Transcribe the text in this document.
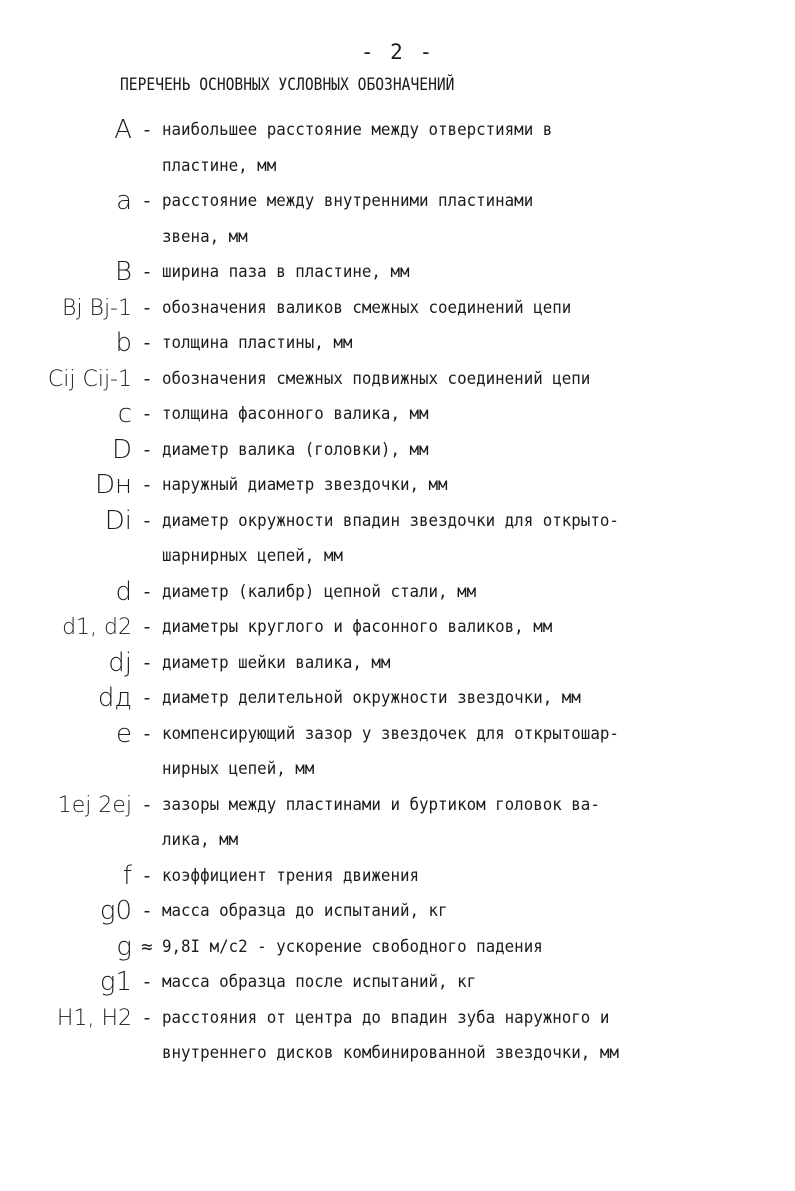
- 2 -
ПЕРЕЧЕНЬ ОСНОВНЫХ УСЛОВНЫХ ОБОЗНАЧЕНИЙ
A - наибольшее расстояние между отверстиями в
пластине, мм
a - расстояние между внутренними пластинами
звена, мм
B - ширина паза в пластине, мм
Bj Bj-1 - обозначения валиков смежных соединений цепи
b - толщина пластины, мм
Cij Cij-1 - обозначения смежных подвижных соединений цепи
c - толщина фасонного валика, мм
D - диаметр валика (головки), мм
Dн - наружный диаметр звездочки, мм
Di - диаметр окружности впадин звездочки для открыто-
шарнирных цепей, мм
d - диаметр (калибр) цепной стали, мм
d1, d2 - диаметры круглого и фасонного валиков, мм
dj - диаметр шейки валика, мм
dд - диаметр делительной окружности звездочки, мм
e - компенсирующий зазор у звездочек для открытошар-
нирных цепей, мм
1ej 2ej - зазоры между пластинами и буртиком головок ва-
лика, мм
f - коэффициент трения движения
g0 - масса образца до испытаний, кг
g ≈ 9,8I м/с2 - ускорение свободного падения
g1 - масса образца после испытаний, кг
H1, H2 - расстояния от центра до впадин зуба наружного и
внутреннего дисков комбинированной звездочки, мм
